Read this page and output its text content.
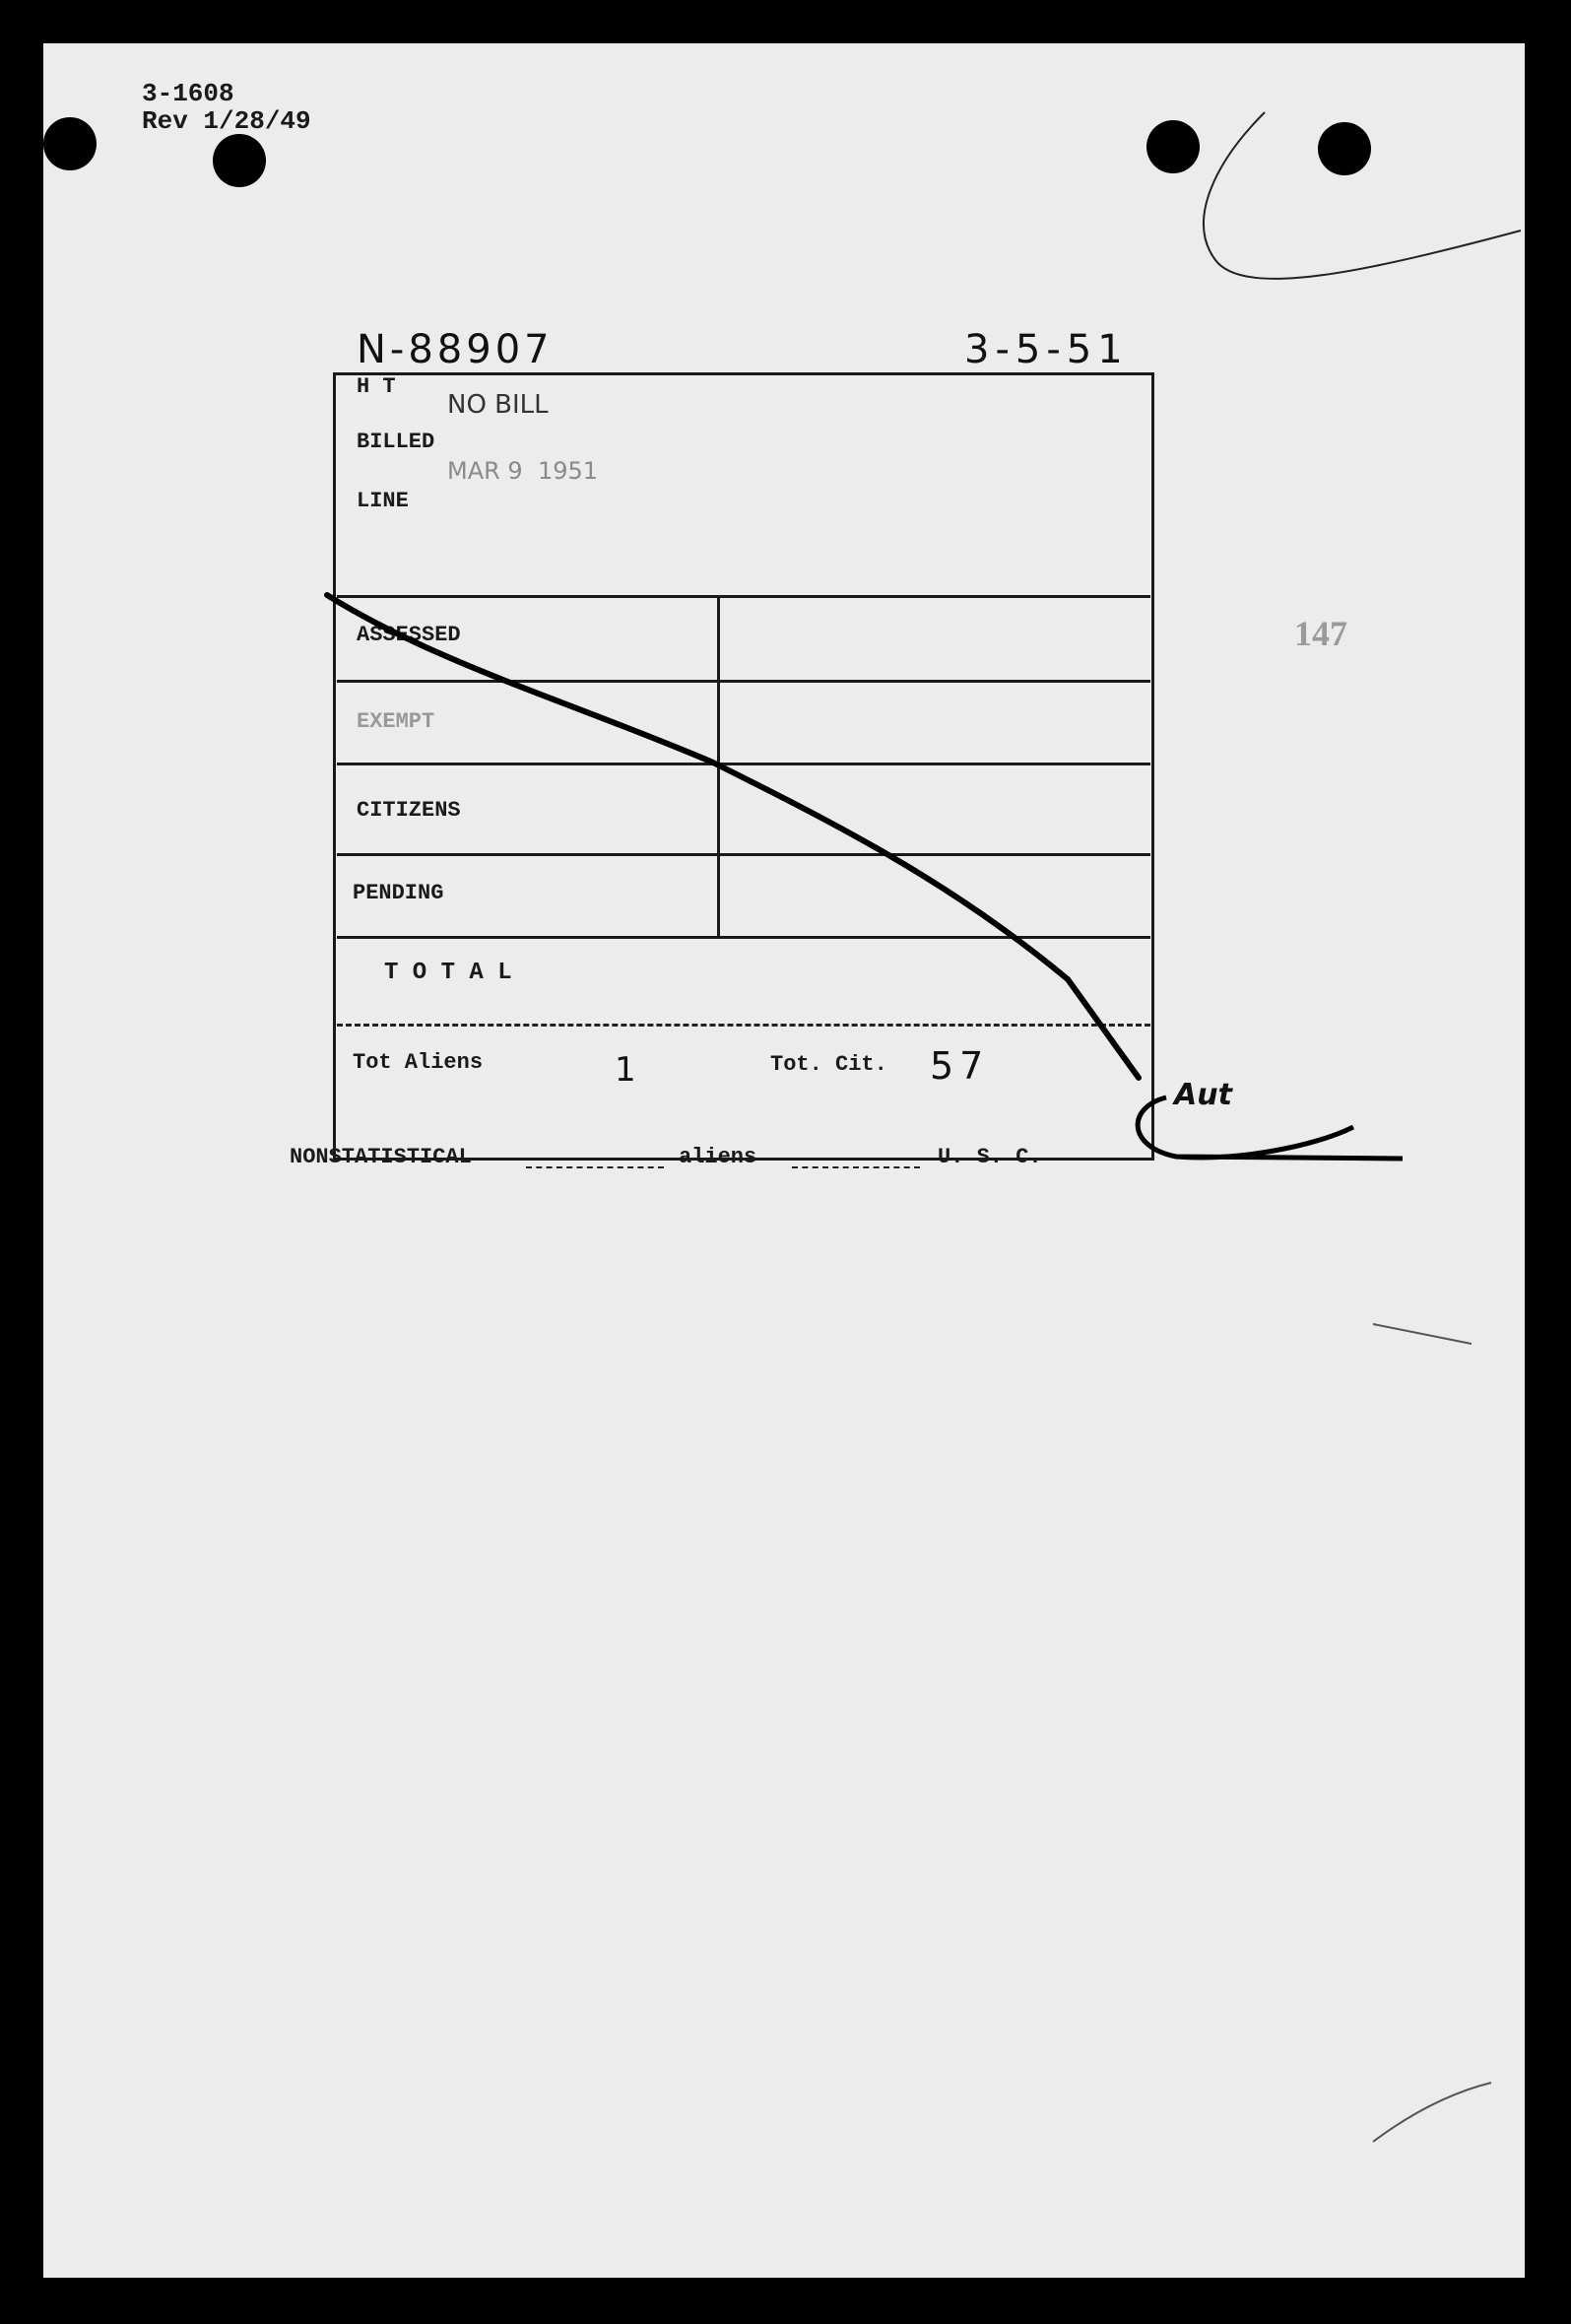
3-1608
Rev 1/28/49
N-88907	3-5-51
H T
NO BILL
BILLED
MAR 9  1951
LINE
ASSESSED
EXEMPT
CITIZENS
PENDING
T O T A L
Tot Aliens	1	Tot. Cit. 57
Aut
NONSTATISTICAL	aliens	U. S. C.
147
